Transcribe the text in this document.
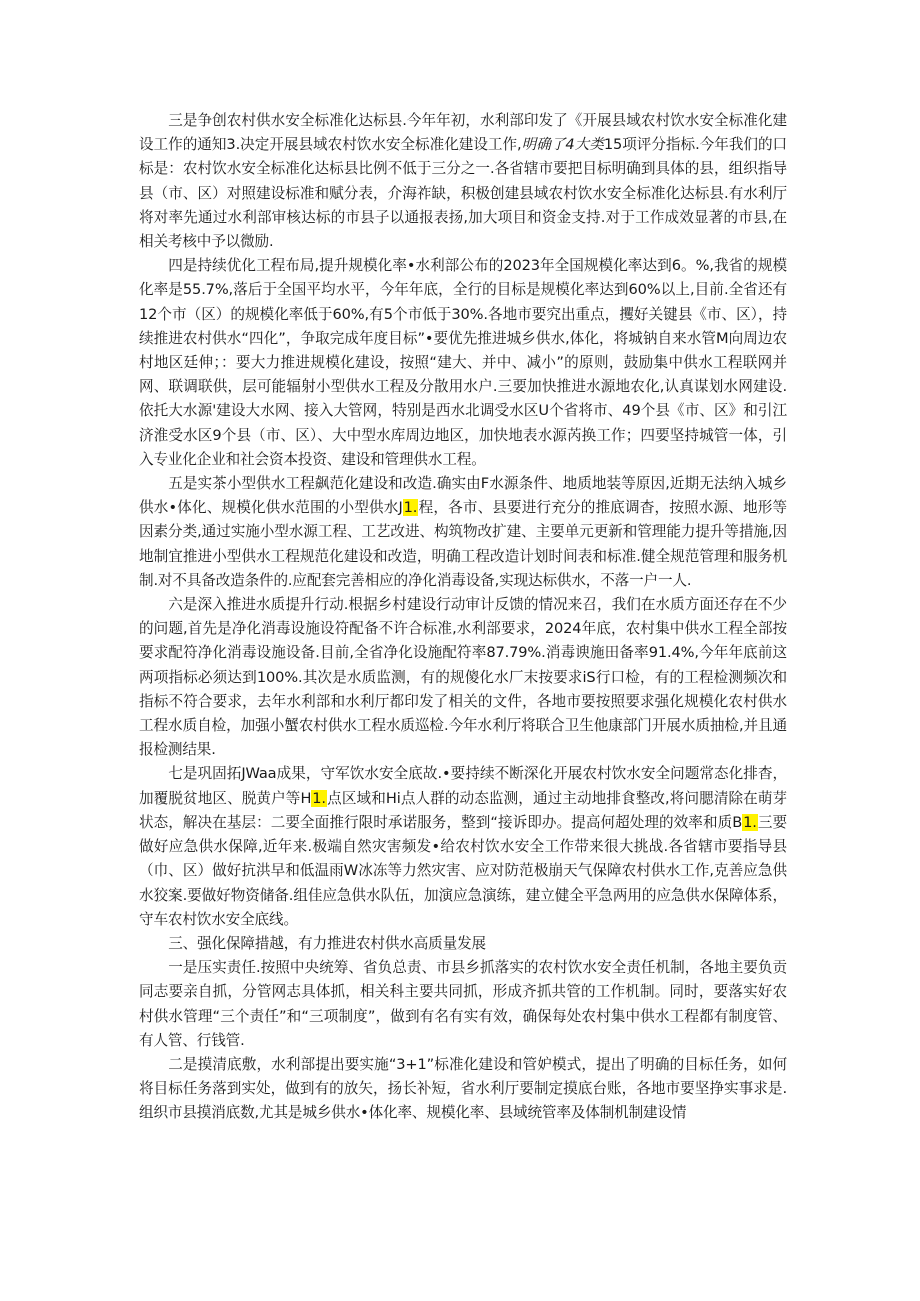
三是争创农村供水安全标准化达标县.今年年初，水利部印发了《开展县域农村饮水安全标准化建设工作的通知3.决定开展县域农村饮水安全标准化建设工作,明确了4大类15项评分指标.今年我们的口标是：农村饮水安全标准化达标县比例不低于三分之一.各省辖市要把目标明确到具体的县，组织指导县（市、区）对照建设标准和赋分表，介海祚缺，积极创建县域农村饮水安全标准化达标县.有水利厅将对率先通过水利部审核达标的市县子以通报表扬,加大项目和资金支持.对于工作成效显著的市县,在相关考核中予以微励.

四是持续优化工程布局,提升规模化率•水利部公布的2023年全国规模化率达到6。%,我省的规模化率是55.7%,落后于全国平均水平，今年年底，全行的目标是规模化率达到60%以上,目前.全省还有12个市（区）的规模化率低于60%,有5个市低于30%.各地市要究出重点，攫好关键县《市、区），持续推进农村供水“四化”，争取完成年度目标”•要优先推进城乡供水,体化，将城钠自来水管M向周边农村地区廷伸；：要大力推进规模化建设，按照“建大、并中、减小”的原则，鼓励集中供水工程联网并网、联调联供，层可能辐射小型供水工程及分散用水户.三要加快推进水源地农化,认真谋划水网建设.依托大水源'建设大水网、接入大管网，特别是西水北调受水区U个省将市、49个县《市、区》和引江济淮受水区9个县（市、区）、大中型水库周边地区，加快地表水源芮换工作；四要坚持城管一体，引入专业化企业和社会资本投资、建设和管理供水工程。

五是实茶小型供水工程飙范化建设和改造.确实由F水源条件、地质地装等原因,近期无法纳入城乡供水•体化、规模化供水范围的小型供水J1.程，各市、县要进行充分的推底调杳，按照水源、地形等因素分类,通过实施小型水源工程、工艺改进、构筑物改扩建、主要单元更新和管理能力提升等措施,因地制宜推进小型供水工程规范化建设和改造，明确工程改造计划时间表和标准.健全规范管理和服务机制.对不具备改造条件的.应配套完善相应的净化消毒设备,实现达标供水，不落一户一人.

六是深入推进水质提升行动.根据乡村建设行动审计反馈的情况来召，我们在水质方面还存在不少的问题,首先是净化消毒设施设符配备不许合标准,水利部要求，2024年底，农村集中供水工程全部按要求配符净化消毒设施设备.目前,全省净化设施配符率87.79%.消毒谀施田备率91.4%,今年年底前这两项指标必须达到100%.其次是水质监测，有的规傻化水厂末按要求iS行口检，有的工程检测频次和指标不符合要求，去年水利部和水利厅都印发了相关的文件，各地市要按照要求强化规模化农村供水工程水质自检，加强小蟹农村供水工程水质巡检.今年水利厅将联合卫生他康部门开展水质抽检,并且通报检测结果.

七是巩固拓JWaa成果，守军饮水安全底故.•要持续不断深化开展农村饮水安全问题常态化排杳，加覆脱贫地区、脱黄户等H1.点区域和Hi点人群的动态监测，通过主动地排食整改,将问腮清除在萌芽状态，解决在基层：二要全面推行限时承诺服务，整到“接诉即办。提高何超处理的效率和质B1.三要做好应急供水保障,近年来.极端自然灾害频发•给农村饮水安全工作带来很大挑战.各省辖市要指导县（巾、区）做好抗洪早和低温雨W冰冻等力然灾害、应对防范极崩天气保障农村供水工作,克善应急供水狡案.要做好物资储备.组佳应急供水队伍，加演应急演练，建立健全平急两用的应急供水保障体系，守车农村饮水安全底线。

三、强化保障措越，有力推进农村供水高质量发展

一是压实责任.按照中央统筹、省负总责、市县乡抓落实的农村饮水安全责任机制，各地主要负贡同志要亲自抓，分管网志具体抓，相关科主要共同抓，形成齐抓共管的工作机制。同时，要落实好农村供水管理“三个责任”和“三项制度”，做到有名有实有效，确保每处农村集中供水工程都有制度管、有人管、行钱管.

二是摸清底敷，水利部提出要实施“3+1”标准化建设和管妒模式，提出了明确的目标任务，如何将目标任务落到实处，做到有的放矢，扬长补短，省水利厅要制定摸底台账，各地市要坚挣实事求是.组织市县摸消底数,尤其是城乡供水•体化率、规模化率、县域统管率及体制机制建设情
